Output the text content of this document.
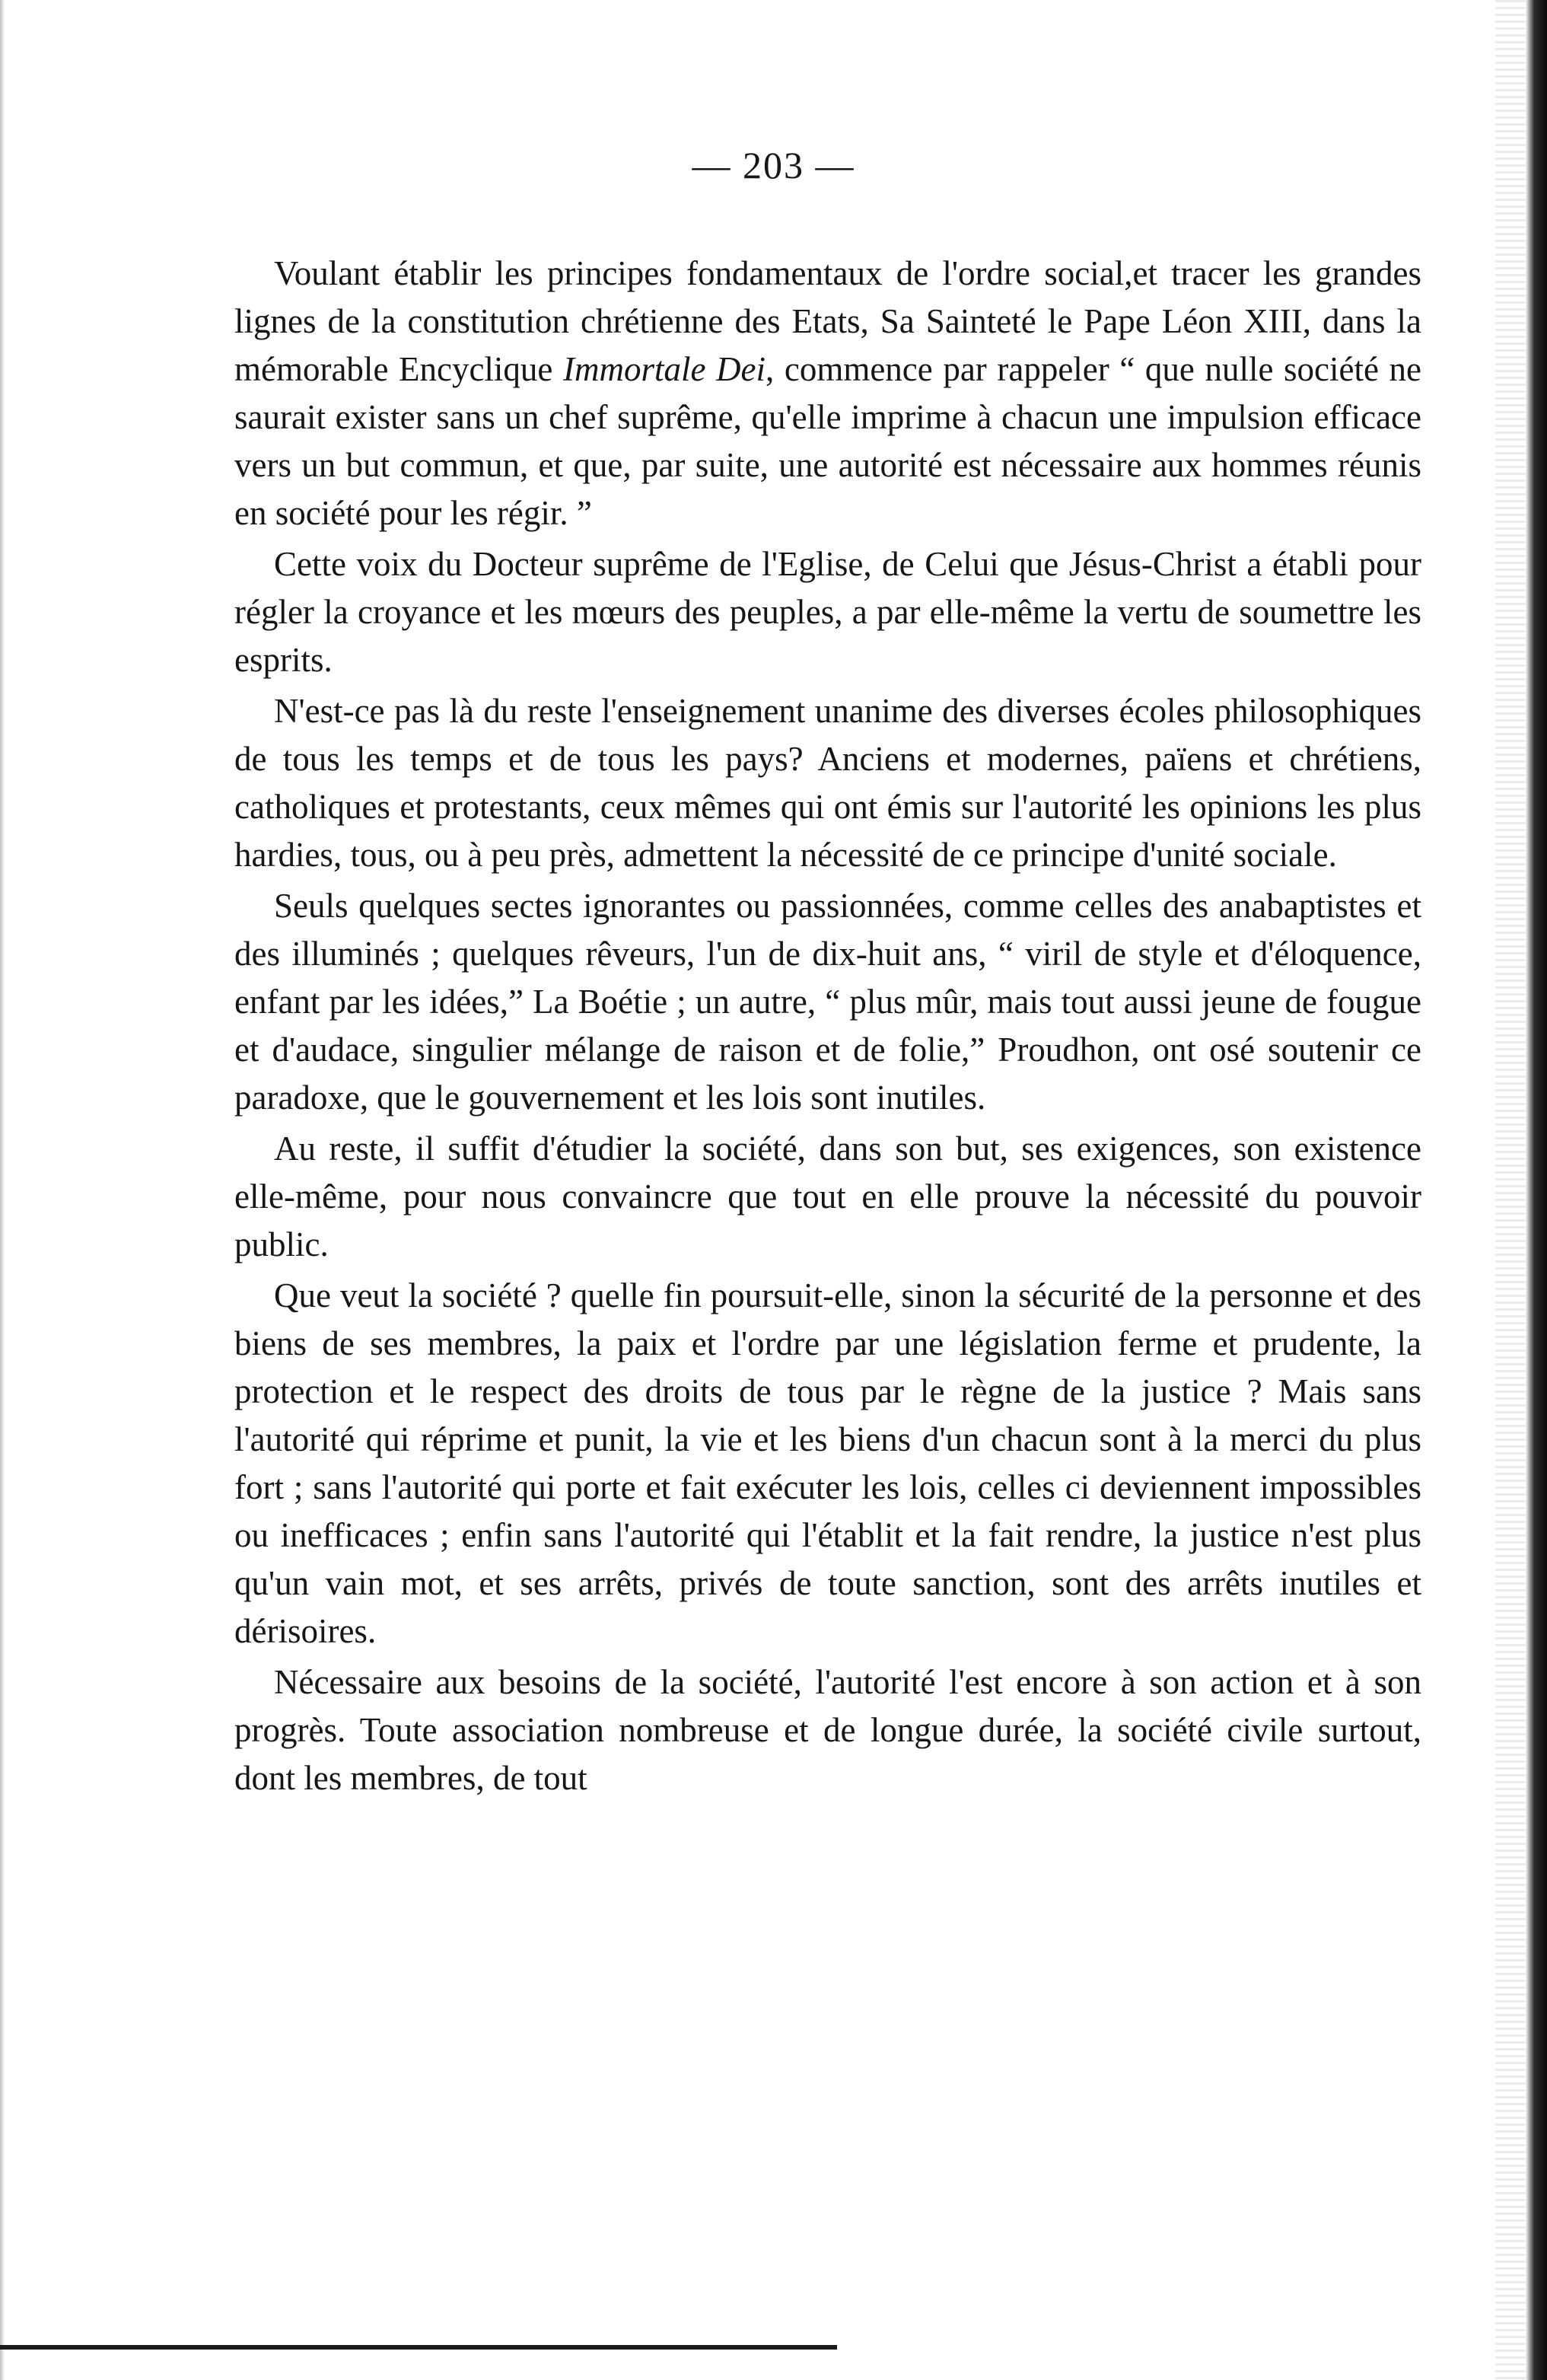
— 203 —

Voulant établir les principes fondamentaux de l'ordre social,et tracer les grandes lignes de la constitution chrétienne des Etats, Sa Sainteté le Pape Léon XIII, dans la mémorable Encyclique Immortale Dei, commence par rappeler “ que nulle société ne saurait exister sans un chef suprême, qu'elle imprime à chacun une impulsion efficace vers un but commun, et que, par suite, une autorité est nécessaire aux hommes réunis en société pour les régir. ”

Cette voix du Docteur suprême de l'Eglise, de Celui que Jésus-Christ a établi pour régler la croyance et les mœurs des peuples, a par elle-même la vertu de soumettre les esprits.

N'est-ce pas là du reste l'enseignement unanime des diverses écoles philosophiques de tous les temps et de tous les pays? Anciens et modernes, païens et chrétiens, catholiques et protestants, ceux mêmes qui ont émis sur l'autorité les opinions les plus hardies, tous, ou à peu près, admettent la nécessité de ce principe d'unité sociale.

Seuls quelques sectes ignorantes ou passionnées, comme celles des anabaptistes et des illuminés ; quelques rêveurs, l'un de dix-huit ans, “ viril de style et d'éloquence, enfant par les idées,” La Boétie ; un autre, “ plus mûr, mais tout aussi jeune de fougue et d'audace, singulier mélange de raison et de folie,” Proudhon, ont osé soutenir ce paradoxe, que le gouvernement et les lois sont inutiles.

Au reste, il suffit d'étudier la société, dans son but, ses exigences, son existence elle-même, pour nous convaincre que tout en elle prouve la nécessité du pouvoir public.

Que veut la société ? quelle fin poursuit-elle, sinon la sécurité de la personne et des biens de ses membres, la paix et l'ordre par une législation ferme et prudente, la protection et le respect des droits de tous par le règne de la justice ? Mais sans l'autorité qui réprime et punit, la vie et les biens d'un chacun sont à la merci du plus fort ; sans l'autorité qui porte et fait exécuter les lois, celles ci deviennent impossibles ou inefficaces ; enfin sans l'autorité qui l'établit et la fait rendre, la justice n'est plus qu'un vain mot, et ses arrêts, privés de toute sanction, sont des arrêts inutiles et dérisoires.

Nécessaire aux besoins de la société, l'autorité l'est encore à son action et à son progrès. Toute association nombreuse et de longue durée, la société civile surtout, dont les membres, de tout
